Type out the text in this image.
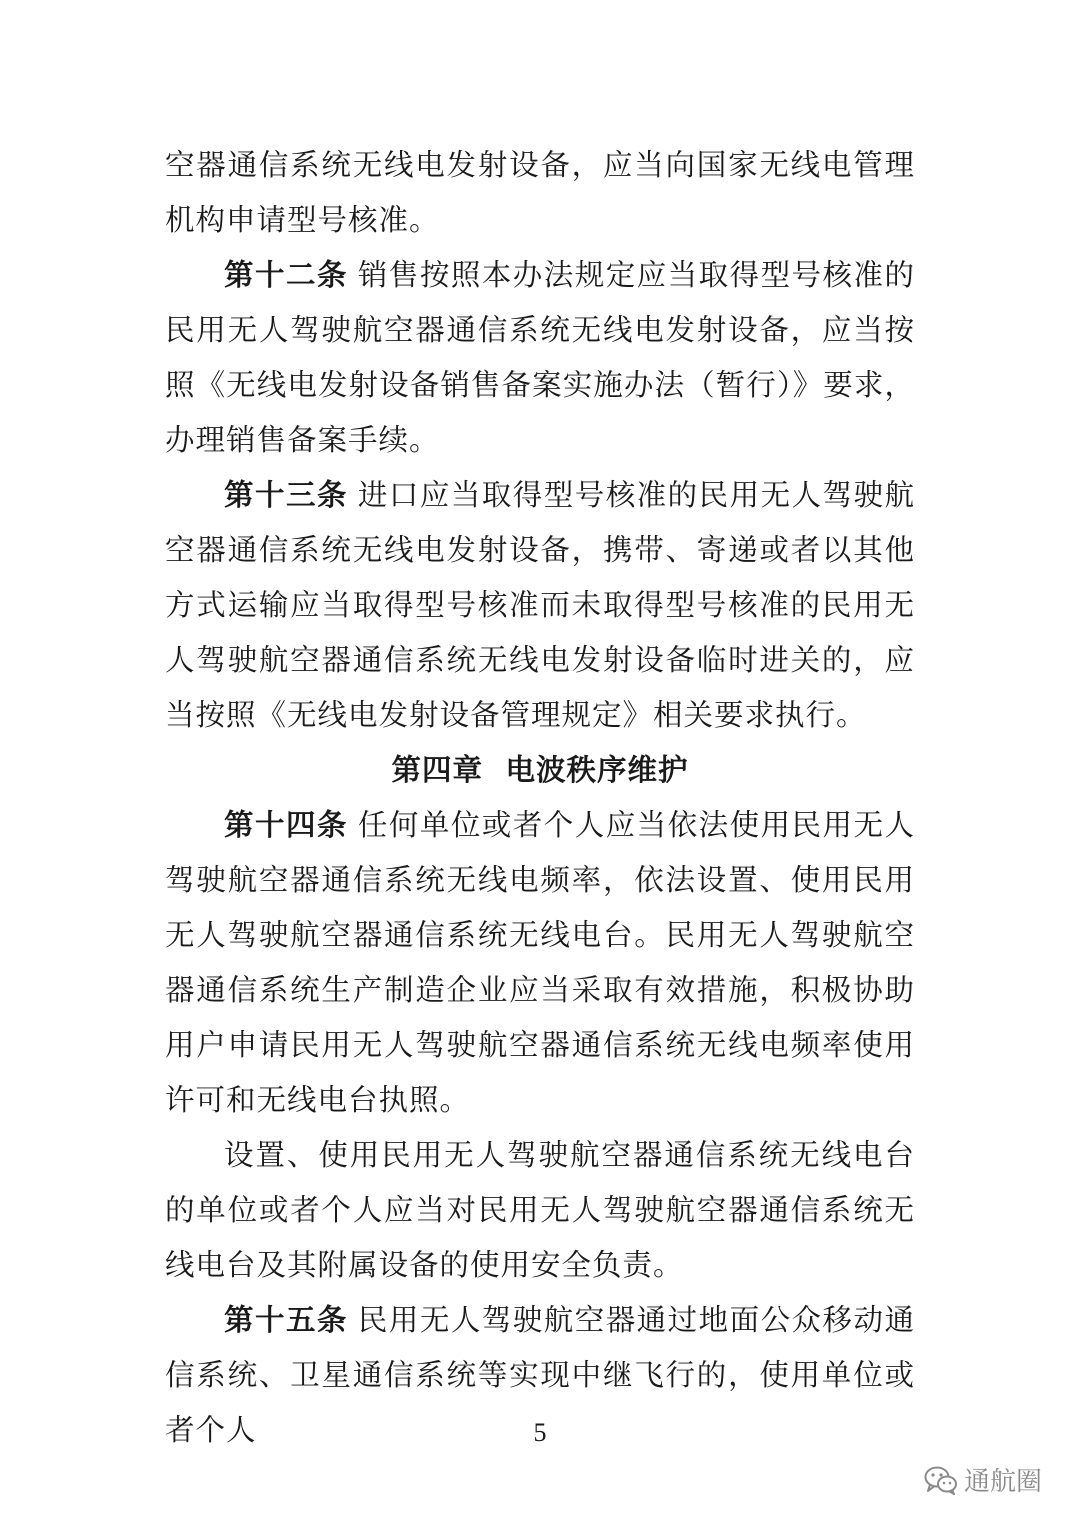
空器通信系统无线电发射设备，应当向国家无线电管理机构申请型号核准。

第十二条 销售按照本办法规定应当取得型号核准的民用无人驾驶航空器通信系统无线电发射设备，应当按照《无线电发射设备销售备案实施办法（暂行）》要求，办理销售备案手续。

第十三条 进口应当取得型号核准的民用无人驾驶航空器通信系统无线电发射设备，携带、寄递或者以其他方式运输应当取得型号核准而未取得型号核准的民用无人驾驶航空器通信系统无线电发射设备临时进关的，应当按照《无线电发射设备管理规定》相关要求执行。

第四章  电波秩序维护

第十四条 任何单位或者个人应当依法使用民用无人驾驶航空器通信系统无线电频率，依法设置、使用民用无人驾驶航空器通信系统无线电台。民用无人驾驶航空器通信系统生产制造企业应当采取有效措施，积极协助用户申请民用无人驾驶航空器通信系统无线电频率使用许可和无线电台执照。

设置、使用民用无人驾驶航空器通信系统无线电台的单位或者个人应当对民用无人驾驶航空器通信系统无线电台及其附属设备的使用安全负责。

第十五条 民用无人驾驶航空器通过地面公众移动通信系统、卫星通信系统等实现中继飞行的，使用单位或者个人	5
通航圈
